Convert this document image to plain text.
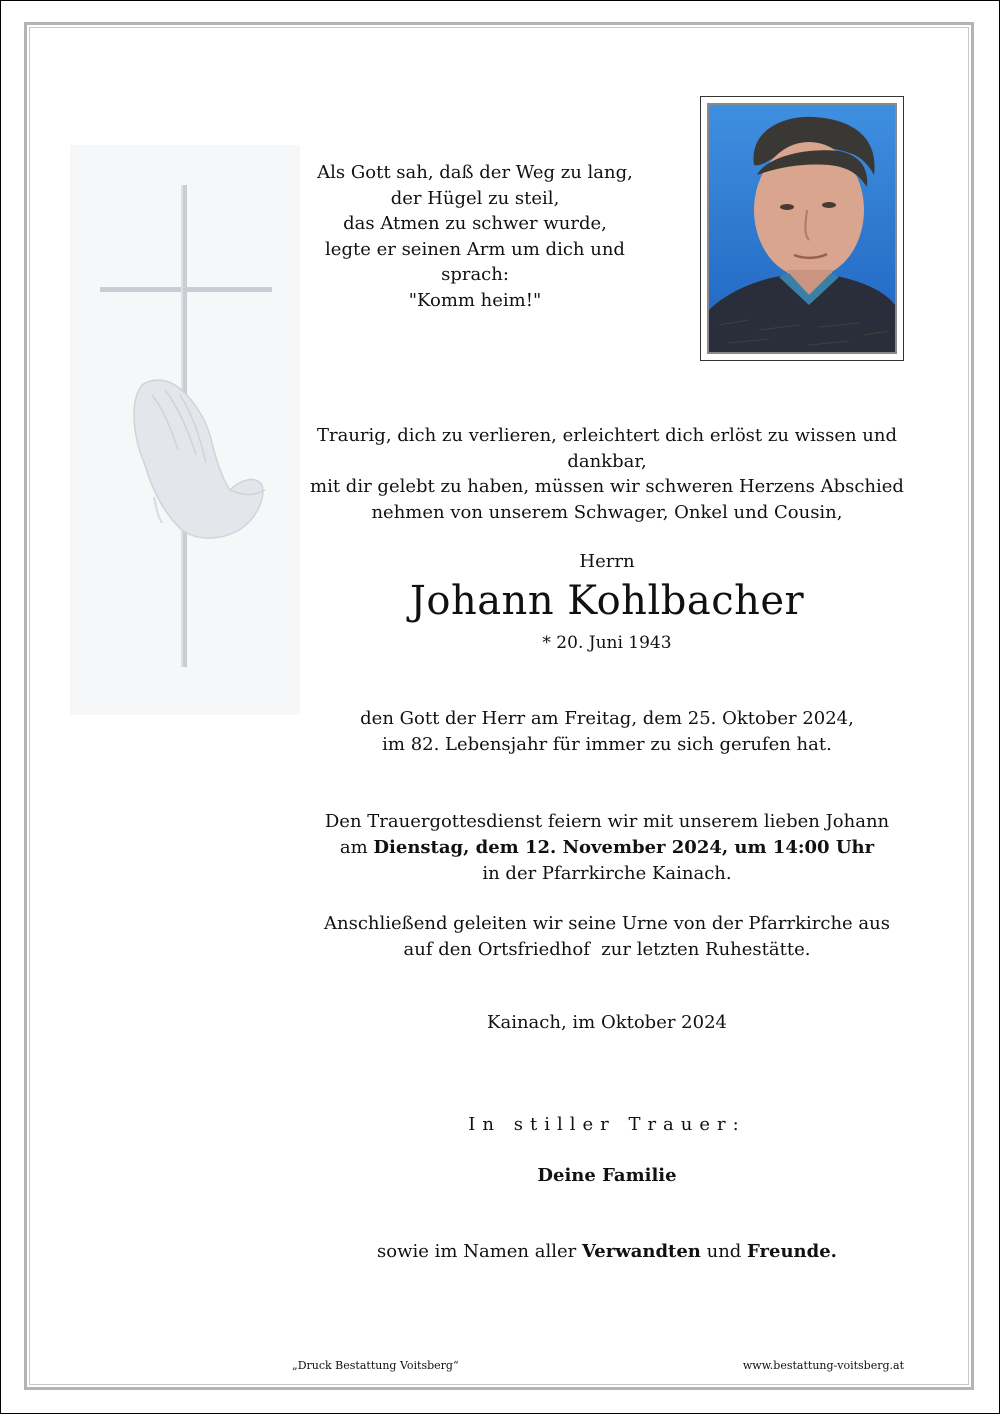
Als Gott sah, daß der Weg zu lang,
der Hügel zu steil,
das Atmen zu schwer wurde,
legte er seinen Arm um dich und sprach:
"Komm heim!"
Traurig, dich zu verlieren, erleichtert dich erlöst zu wissen und dankbar,
mit dir gelebt zu haben, müssen wir schweren Herzens Abschied
nehmen von unserem Schwager, Onkel und Cousin,
Herrn
Johann Kohlbacher
* 20. Juni 1943
den Gott der Herr am Freitag, dem 25. Oktober 2024,
im 82. Lebensjahr für immer zu sich gerufen hat.
Den Trauergottesdienst feiern wir mit unserem lieben Johann
am Dienstag, dem 12. November 2024, um 14:00 Uhr
in der Pfarrkirche Kainach.
Anschließend geleiten wir seine Urne von der Pfarrkirche aus
auf den Ortsfriedhof  zur letzten Ruhestätte.
Kainach, im Oktober 2024
In stiller Trauer:
Deine Familie
sowie im Namen aller Verwandten und Freunde.
„Druck Bestattung Voitsberg“	www.bestattung-voitsberg.at
